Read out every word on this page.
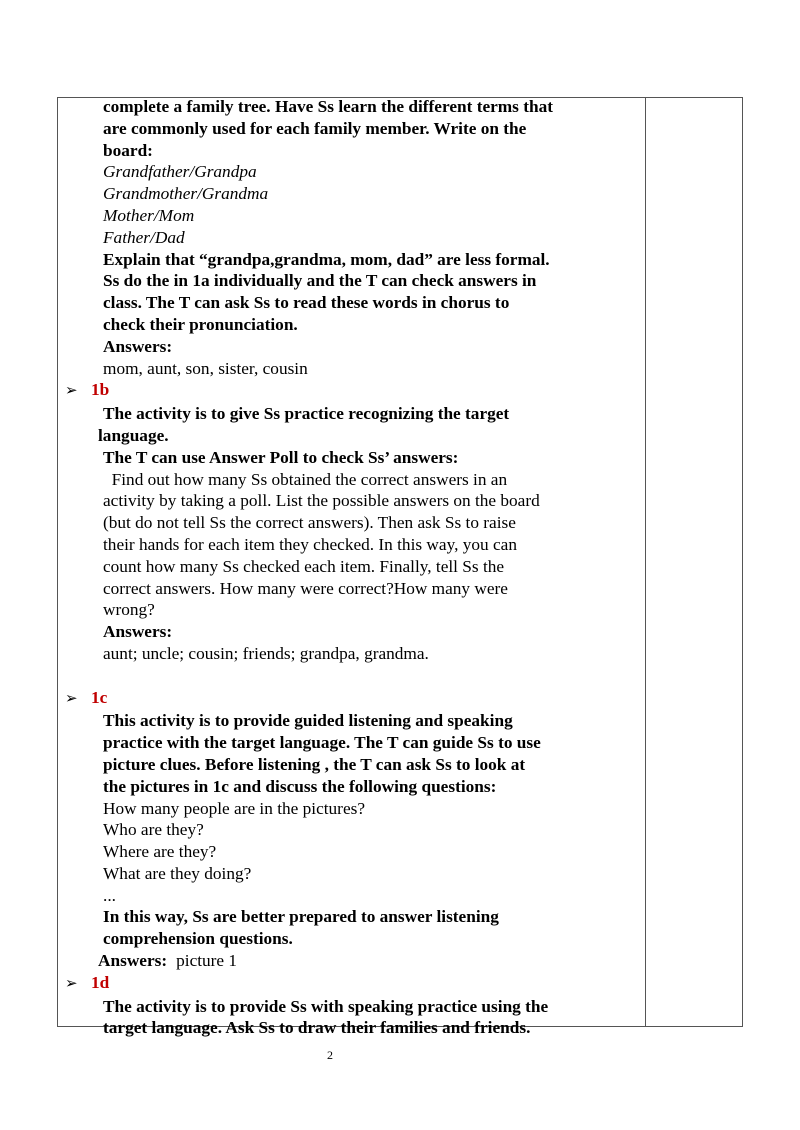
complete a family tree. Have Ss learn the different terms that

are commonly used for each family member. Write on the

board:

Grandfather/Grandpa

Grandmother/Grandma

Mother/Mom

Father/Dad

Explain that “grandpa,grandma, mom, dad” are less formal.

Ss do the in 1a individually and the T can check answers in

class. The T can ask Ss to read these words in chorus to

check their pronunciation.

Answers:

mom, aunt, son, sister, cousin

➢ 1b

The activity is to give Ss practice recognizing the target

language.

The T can use Answer Poll to check Ss’ answers:

Find out how many Ss obtained the correct answers in an

activity by taking a poll. List the possible answers on the board

(but do not tell Ss the correct answers). Then ask Ss to raise

their hands for each item they checked. In this way, you can

count how many Ss checked each item. Finally, tell Ss the

correct answers. How many were correct?How many were

wrong?

Answers:

aunt; uncle; cousin; friends; grandpa, grandma.

➢ 1c

This activity is to provide guided listening and speaking

practice with the target language. The T can guide Ss to use

picture clues. Before listening , the T can ask Ss to look at

the pictures in 1c and discuss the following questions:

How many people are in the pictures?

Who are they?

Where are they?

What are they doing?

...

In this way, Ss are better prepared to answer listening

comprehension questions.

Answers: picture 1

➢ 1d

The activity is to provide Ss with speaking practice using the

target language. Ask Ss to draw their families and friends.

2
